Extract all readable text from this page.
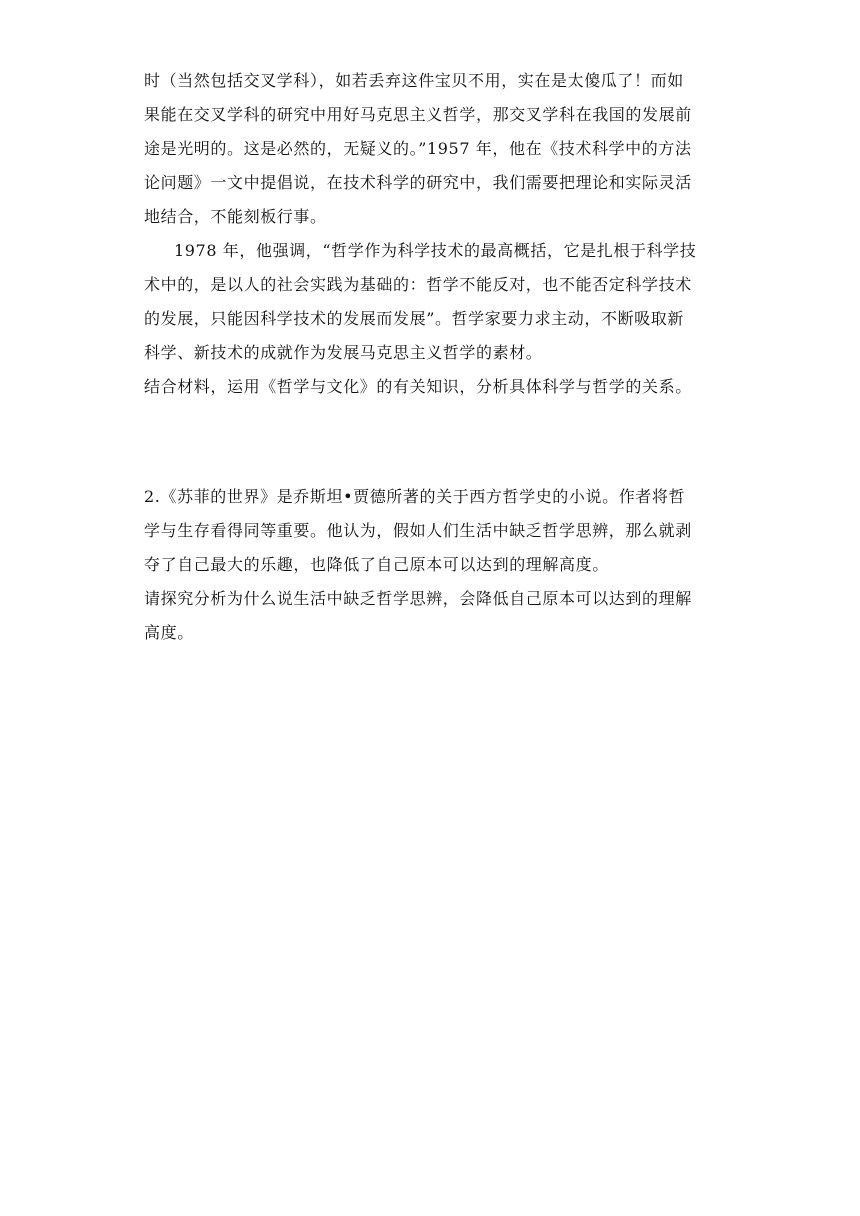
时（当然包括交叉学科），如若丢弃这件宝贝不用，实在是太傻瓜了！而如
果能在交叉学科的研究中用好马克思主义哲学，那交叉学科在我国的发展前
途是光明的。这是必然的，无疑义的。”1957 年，他在《技术科学中的方法
论问题》一文中提倡说，在技术科学的研究中，我们需要把理论和实际灵活
地结合，不能刻板行事。
1978 年，他强调，“哲学作为科学技术的最高概括，它是扎根于科学技
术中的，是以人的社会实践为基础的：哲学不能反对，也不能否定科学技术
的发展，只能因科学技术的发展而发展”。哲学家要力求主动，不断吸取新
科学、新技术的成就作为发展马克思主义哲学的素材。
结合材料，运用《哲学与文化》的有关知识，分析具体科学与哲学的关系。
2.《苏菲的世界》是乔斯坦•贾德所著的关于西方哲学史的小说。作者将哲
学与生存看得同等重要。他认为，假如人们生活中缺乏哲学思辨，那么就剥
夺了自己最大的乐趣，也降低了自己原本可以达到的理解高度。
请探究分析为什么说生活中缺乏哲学思辨，会降低自己原本可以达到的理解
高度。
